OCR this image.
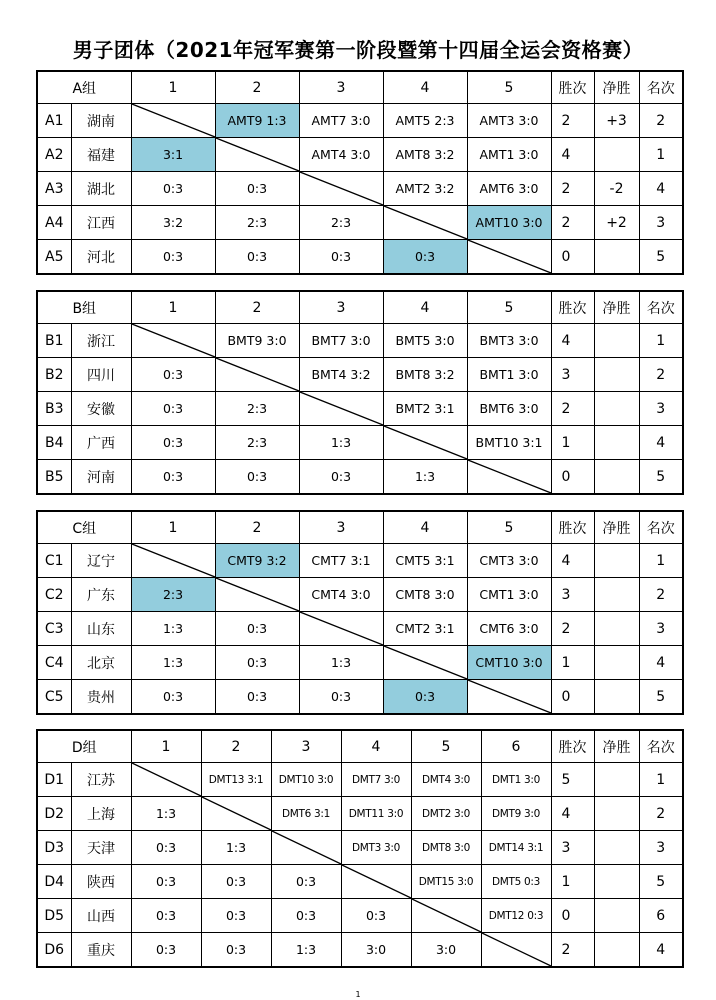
男子团体（2021年冠军赛第一阶段暨第十四届全运会资格赛）
A组		1	2	3	4	5	胜次	净胜	名次
A1	湖南		AMT9 1:3	AMT7 3:0	AMT5 2:3	AMT3 3:0	2	+3	2
A2	福建	3:1		AMT4 3:0	AMT8 3:2	AMT1 3:0	4		1
A3	湖北	0:3	0:3		AMT2 3:2	AMT6 3:0	2	-2	4
A4	江西	3:2	2:3	2:3		AMT10 3:0	2	+2	3
A5	河北	0:3	0:3	0:3	0:3		0		5
B组		1	2	3	4	5	胜次	净胜	名次
B1	浙江		BMT9 3:0	BMT7 3:0	BMT5 3:0	BMT3 3:0	4		1
B2	四川	0:3		BMT4 3:2	BMT8 3:2	BMT1 3:0	3		2
B3	安徽	0:3	2:3		BMT2 3:1	BMT6 3:0	2		3
B4	广西	0:3	2:3	1:3		BMT10 3:1	1		4
B5	河南	0:3	0:3	0:3	1:3		0		5
C组		1	2	3	4	5	胜次	净胜	名次
C1	辽宁		CMT9 3:2	CMT7 3:1	CMT5 3:1	CMT3 3:0	4		1
C2	广东	2:3		CMT4 3:0	CMT8 3:0	CMT1 3:0	3		2
C3	山东	1:3	0:3		CMT2 3:1	CMT6 3:0	2		3
C4	北京	1:3	0:3	1:3		CMT10 3:0	1		4
C5	贵州	0:3	0:3	0:3	0:3		0		5
D组		1	2	3	4	5	6	胜次	净胜	名次
D1	江苏		DMT13 3:1	DMT10 3:0	DMT7 3:0	DMT4 3:0	DMT1 3:0	5		1
D2	上海	1:3		DMT6 3:1	DMT11 3:0	DMT2 3:0	DMT9 3:0	4		2
D3	天津	0:3	1:3		DMT3 3:0	DMT8 3:0	DMT14 3:1	3		3
D4	陕西	0:3	0:3	0:3		DMT15 3:0	DMT5 0:3	1		5
D5	山西	0:3	0:3	0:3	0:3		DMT12 0:3	0		6
D6	重庆	0:3	0:3	1:3	3:0	3:0		2		4
1
